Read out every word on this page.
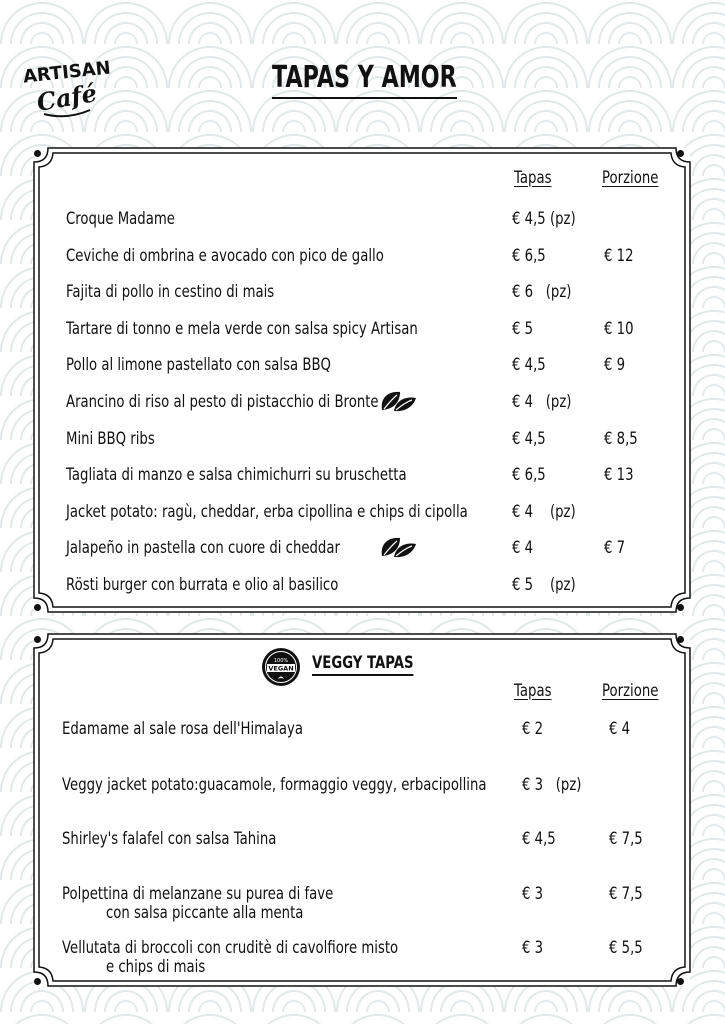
ARTISAN
Café
TAPAS Y AMOR
Tapas	Porzione
Croque Madame	€ 4,5 (pz)
Ceviche di ombrina e avocado con pico de gallo	€ 6,5	€ 12
Fajita di pollo in cestino di mais	€ 6   (pz)
Tartare di tonno e mela verde con salsa spicy Artisan	€ 5	€ 10
Pollo al limone pastellato con salsa BBQ	€ 4,5	€ 9
Arancino di riso al pesto di pistacchio di Bronte	€ 4   (pz)
Mini BBQ ribs	€ 4,5	€ 8,5
Tagliata di manzo e salsa chimichurri su bruschetta	€ 6,5	€ 13
Jacket potato: ragù, cheddar, erba cipollina e chips di cipolla	€ 4    (pz)
Jalapeño in pastella con cuore di cheddar	€ 4	€ 7
Rösti burger con burrata e olio al basilico	€ 5    (pz)
100%
VEGAN VEGGY TAPAS
Tapas	Porzione
Edamame al sale rosa dell'Himalaya	€ 2	€ 4
Veggy jacket potato:guacamole, formaggio veggy, erbacipollina € 3   (pz)
Shirley's falafel con salsa Tahina	€ 4,5	€ 7,5
Polpettina di melanzane su purea di fave
con salsa piccante alla menta
€ 3	€ 7,5
Vellutata di broccoli con cruditè di cavolfiore misto
e chips di mais
€ 3	€ 5,5
